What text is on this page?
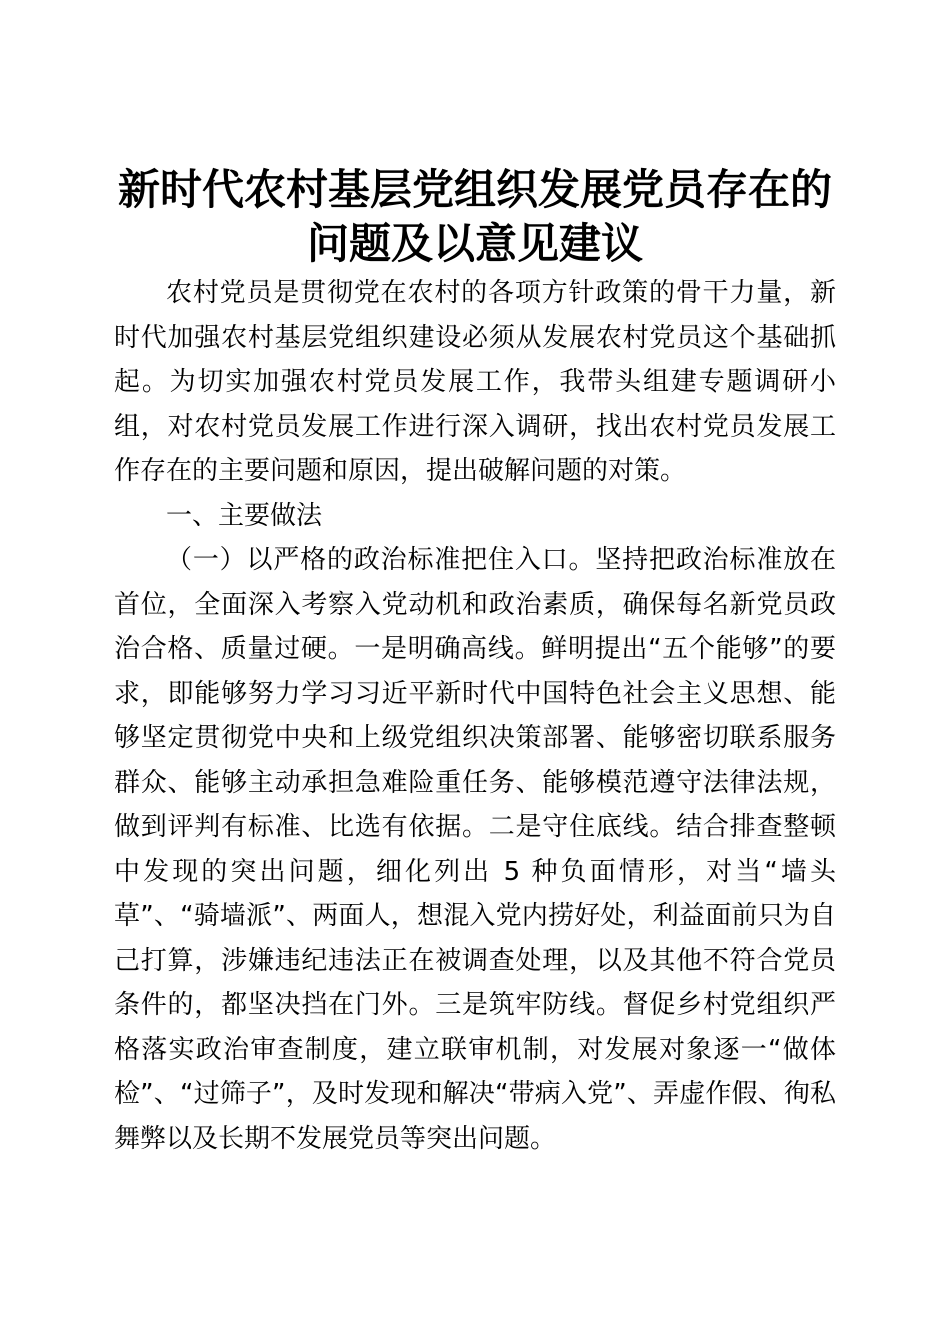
新时代农村基层党组织发展党员存在的问题及以意见建议

农村党员是贯彻党在农村的各项方针政策的骨干力量，新时代加强农村基层党组织建设必须从发展农村党员这个基础抓起。为切实加强农村党员发展工作，我带头组建专题调研小组，对农村党员发展工作进行深入调研，找出农村党员发展工作存在的主要问题和原因，提出破解问题的对策。

一、主要做法

（一）以严格的政治标准把住入口。坚持把政治标准放在首位，全面深入考察入党动机和政治素质，确保每名新党员政治合格、质量过硬。一是明确高线。鲜明提出“五个能够”的要求，即能够努力学习习近平新时代中国特色社会主义思想、能够坚定贯彻党中央和上级党组织决策部署、能够密切联系服务群众、能够主动承担急难险重任务、能够模范遵守法律法规，做到评判有标准、比选有依据。二是守住底线。结合排查整顿中发现的突出问题，细化列出 5 种负面情形，对当“墙头草”、“骑墙派”、两面人，想混入党内捞好处，利益面前只为自己打算，涉嫌违纪违法正在被调查处理，以及其他不符合党员条件的，都坚决挡在门外。三是筑牢防线。督促乡村党组织严格落实政治审查制度，建立联审机制，对发展对象逐一“做体检”、“过筛子”，及时发现和解决“带病入党”、弄虚作假、徇私舞弊以及长期不发展党员等突出问题。
